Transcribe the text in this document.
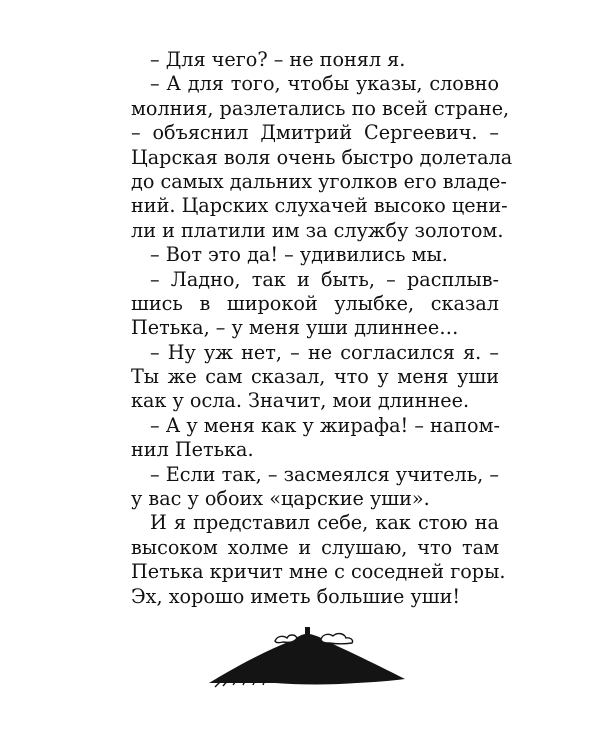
– Для чего? – не понял я.
– А для того, чтобы указы, словно
молния, разлетались по всей стране,
– объяснил Дмитрий Сергеевич. –
Царская воля очень быстро долетала
до самых дальних уголков его владе-
ний. Царских слухачей высоко цени-
ли и платили им за службу золотом.
– Вот это да! – удивились мы.
– Ладно, так и быть, – расплыв-
шись в широкой улыбке, сказал
Петька, – у меня уши длиннее…
– Ну уж нет, – не согласился я. –
Ты же сам сказал, что у меня уши
как у осла. Значит, мои длиннее.
– А у меня как у жирафа! – напом-
нил Петька.
– Если так, – засмеялся учитель, –
у вас у обоих «царские уши».
И я представил себе, как стою на
высоком холме и слушаю, что там
Петька кричит мне с соседней горы.
Эх, хорошо иметь большие уши!
